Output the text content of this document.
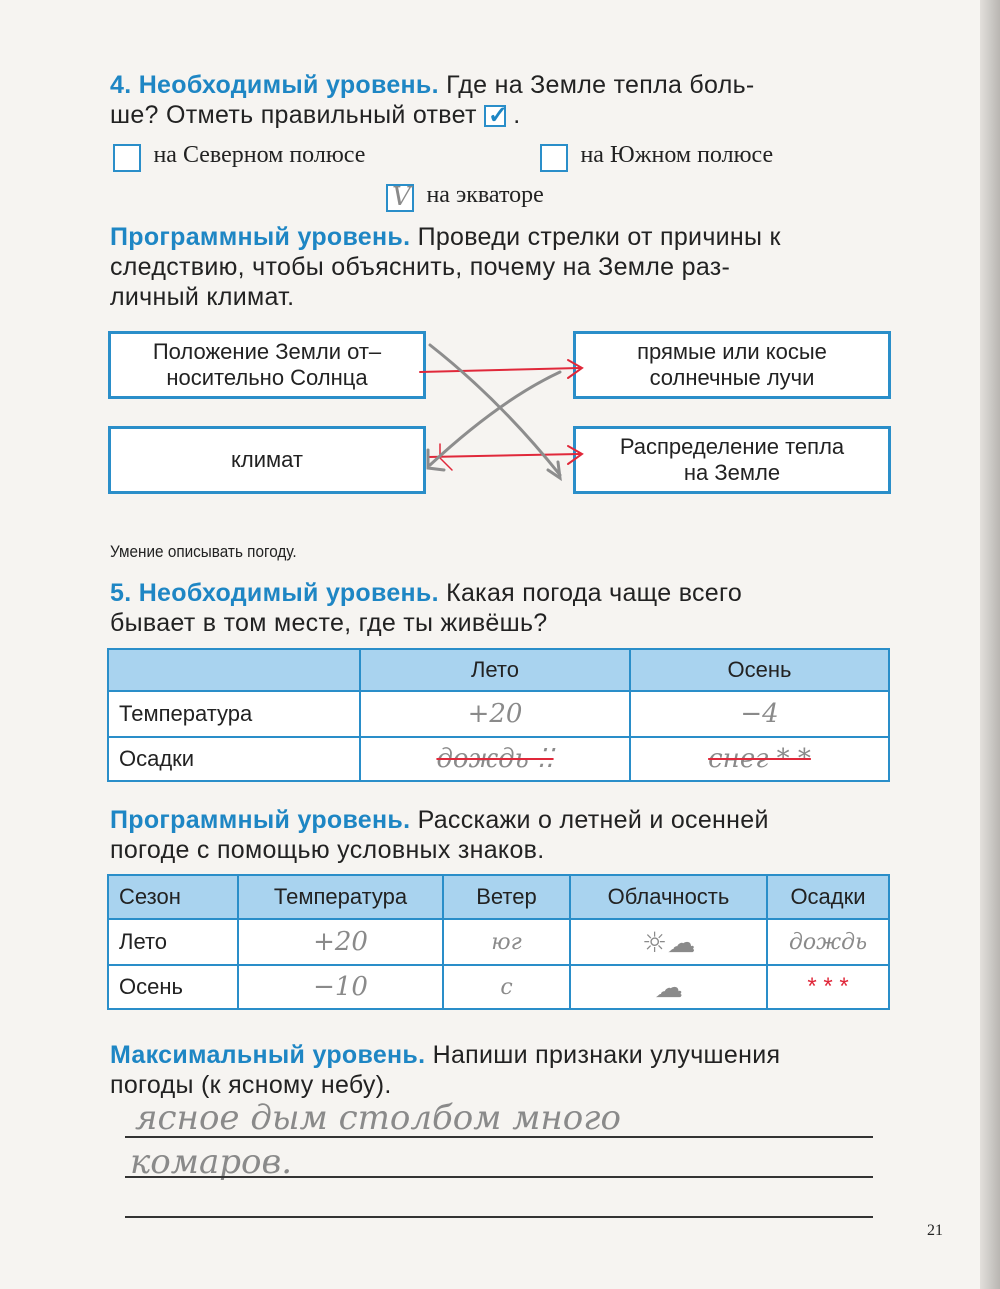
4. Необходимый уровень. Где на Земле тепла боль-
ше? Отметь правильный ответ ✓
.
на Северном полюсе	на Южном полюсе
V на экваторе
Программный уровень. Проведи стрелки от причины к
следствию, чтобы объяснить, почему на Земле раз-
личный климат.
Положение Земли от–
носительно Солнца
климат
прямые или косые
солнечные лучи
Распределение тепла
на Земле
Умение описывать погоду.
5. Необходимый уровень. Какая погода чаще всего
бывает в том месте, где ты живёшь?
	Лето	Осень
Температура	+20	−4
Осадки	дождь ⁚⁚	снег * *
Программный уровень. Расскажи о летней и осенней
погоде с помощью условных знаков.
Сезон	Температура	Ветер	Облачность	Осадки
Лето	+20	юг	☼☁	дождь
Осень	−10	с	☁	* * *
Максимальный уровень. Напиши признаки улучшения
погоды (к ясному небу).
ясное дым столбом много
комаров.
21
